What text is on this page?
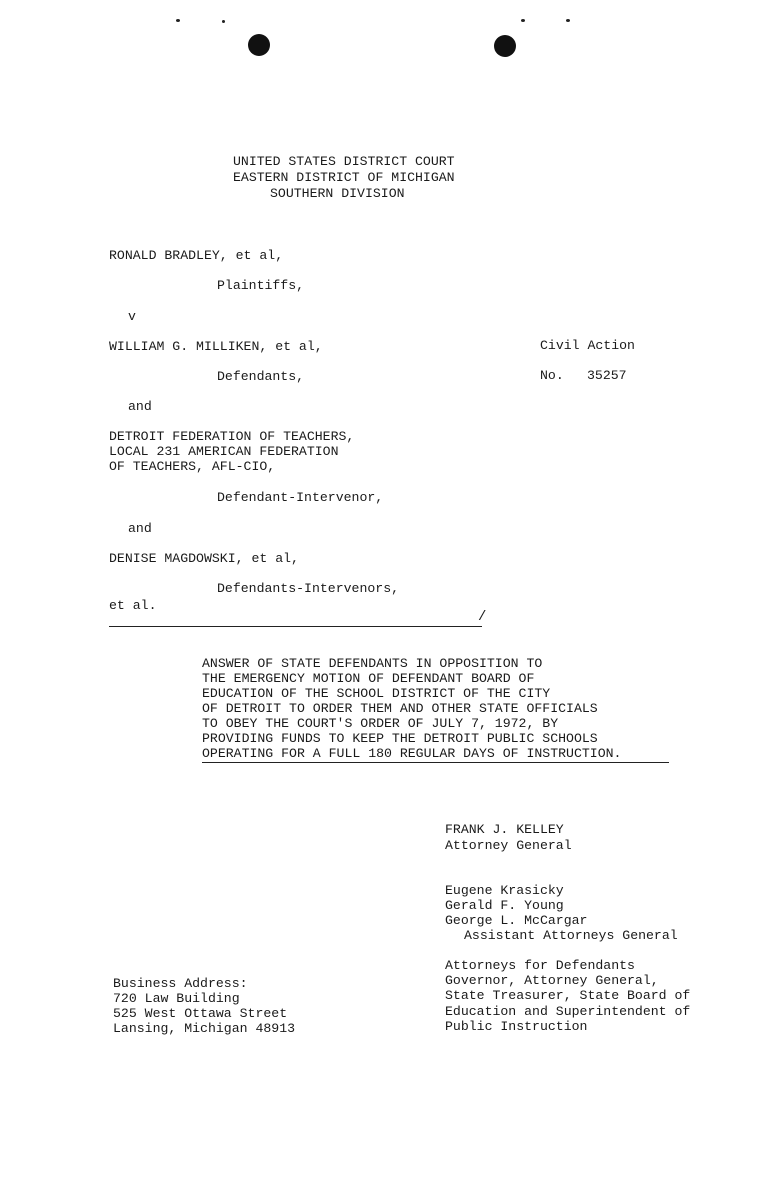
UNITED STATES DISTRICT COURT
EASTERN DISTRICT OF MICHIGAN
SOUTHERN DIVISION
RONALD BRADLEY, et al,
Plaintiffs,
v
WILLIAM G. MILLIKEN, et al,
Defendants,
and
DETROIT FEDERATION OF TEACHERS,
LOCAL 231 AMERICAN FEDERATION
OF TEACHERS, AFL-CIO,
Defendant-Intervenor,
and
DENISE MAGDOWSKI, et al,
Defendants-Intervenors,
et al.
/
Civil Action
No. 35257
ANSWER OF STATE DEFENDANTS IN OPPOSITION TO
THE EMERGENCY MOTION OF DEFENDANT BOARD OF
EDUCATION OF THE SCHOOL DISTRICT OF THE CITY
OF DETROIT TO ORDER THEM AND OTHER STATE OFFICIALS
TO OBEY THE COURT'S ORDER OF JULY 7, 1972, BY
PROVIDING FUNDS TO KEEP THE DETROIT PUBLIC SCHOOLS
OPERATING FOR A FULL 180 REGULAR DAYS OF INSTRUCTION.
FRANK J. KELLEY
Attorney General
Eugene Krasicky
Gerald F. Young
George L. McCargar
Assistant Attorneys General
Attorneys for Defendants
Governor, Attorney General,
State Treasurer, State Board of
Education and Superintendent of
Public Instruction
Business Address:
720 Law Building
525 West Ottawa Street
Lansing, Michigan 48913
